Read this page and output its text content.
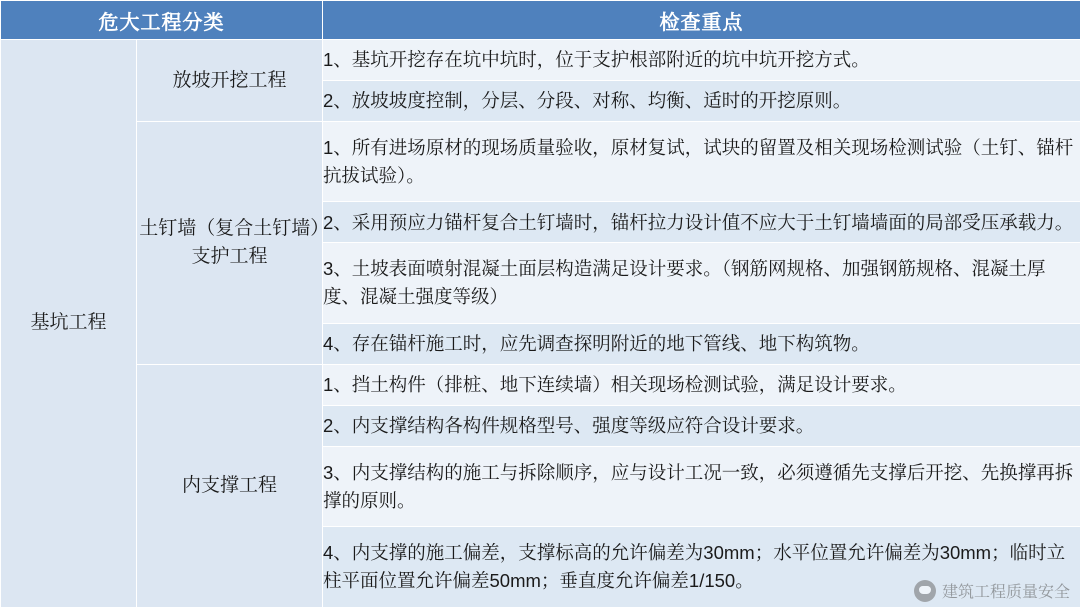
危大工程分类		检查重点
基坑工程	放坡开挖工程	1、基坑开挖存在坑中坑时，位于支护根部附近的坑中坑开挖方式。
		2、放坡坡度控制，分层、分段、对称、均衡、适时的开挖原则。
	土钉墙（复合土钉墙）支护工程	1、所有进场原材的现场质量验收，原材复试，试块的留置及相关现场检测试验（土钉、锚杆抗拔试验）。
		2、采用预应力锚杆复合土钉墙时，锚杆拉力设计值不应大于土钉墙墙面的局部受压承载力。
		3、土坡表面喷射混凝土面层构造满足设计要求。（钢筋网规格、加强钢筋规格、混凝土厚度、混凝土强度等级）
		4、存在锚杆施工时，应先调查探明附近的地下管线、地下构筑物。
	内支撑工程	1、挡土构件（排桩、地下连续墙）相关现场检测试验，满足设计要求。
		2、内支撑结构各构件规格型号、强度等级应符合设计要求。
		3、内支撑结构的施工与拆除顺序，应与设计工况一致，必须遵循先支撑后开挖、先换撑再拆撑的原则。
		4、内支撑的施工偏差，支撑标高的允许偏差为30mm；水平位置允许偏差为30mm；临时立柱平面位置允许偏差50mm；垂直度允许偏差1/150。
建筑工程质量安全
